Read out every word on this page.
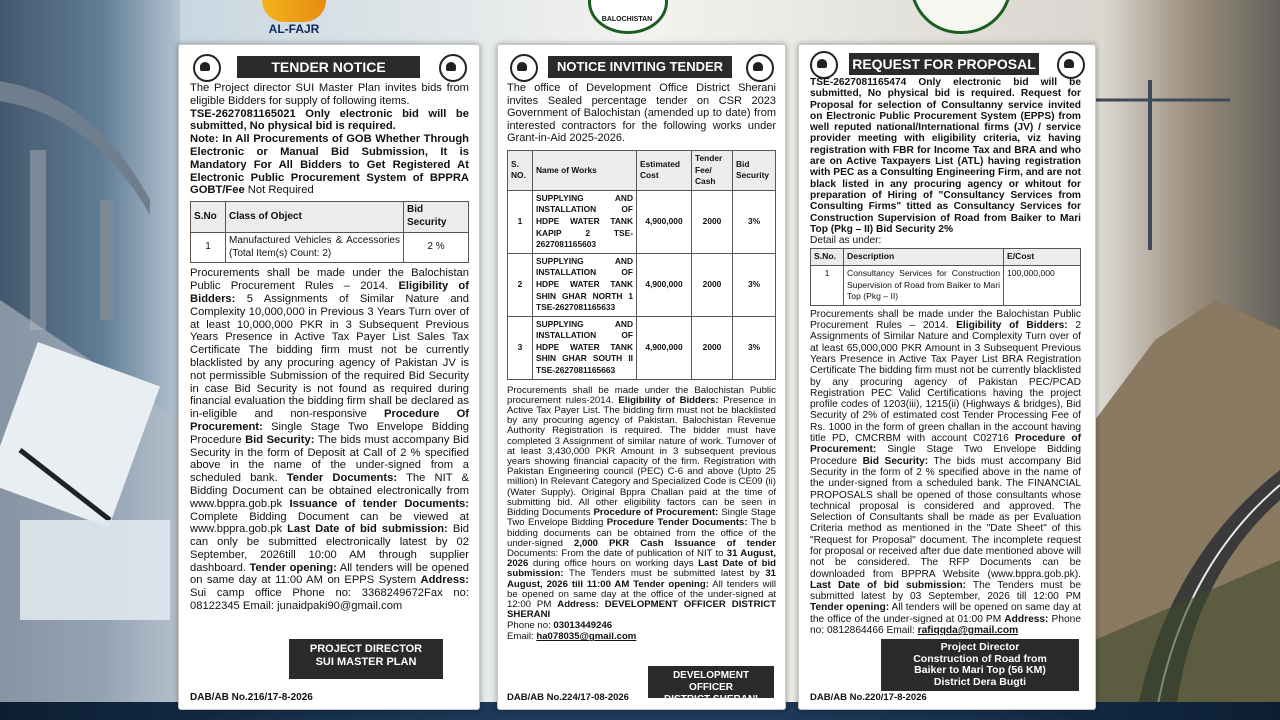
AL-FAJR
BALOCHISTAN
TENDER NOTICE

The Project director SUI Master Plan invites bids from eligible Bidders for supply of following items.

TSE-2627081165021 Only electronic bid will be submitted, No physical bid is required.

Note: In All Procurements of GOB Whether Through Electronic or Manual Bid Submission, It is Mandatory For All Bidders to Get Registered At Electronic Public Procurement System of BPPRA GOBT/Fee Not Required

S.No	Class of Object	Bid Security
1	Manufactured Vehicles & Accessories (Total Item(s) Count: 2)	2 %

Procurements shall be made under the Balochistan Public Procurement Rules – 2014. Eligibility of Bidders: 5 Assignments of Similar Nature and Complexity 10,000,000 in Previous 3 Years Turn over of at least 10,000,000 PKR in 3 Subsequent Previous Years Presence in Active Tax Payer List Sales Tax Certificate The bidding firm must not be currently blacklisted by any procuring agency of Pakistan JV is not permissible Submission of the required Bid Security in case Bid Security is not found as required during financial evaluation the bidding firm shall be declared as in-eligible and non-responsive Procedure Of Procurement: Single Stage Two Envelope Bidding Procedure Bid Security: The bids must accompany Bid Security in the form of Deposit at Call of 2 % specified above in the name of the under-signed from a scheduled bank. Tender Documents: The NIT & Bidding Document can be obtained electronically from www.bppra.gob.pk Issuance of tender Documents: Complete Bidding Document can be viewed at www.bppra.gob.pk Last Date of bid submission: Bid can only be submitted electronically latest by 02 September, 2026till 10:00 AM through supplier dashboard. Tender opening: All tenders will be opened on same day at 11:00 AM on EPPS System Address: Sui camp office Phone no: 3368249672Fax no: 08122345 Email: junaidpaki90@gmail.com

PROJECT DIRECTOR
SUI MASTER PLAN
DAB/AB No.216/17-8-2026
NOTICE INVITING TENDER

The office of Development Office District Sherani invites Sealed percentage tender on CSR 2023 Government of Balochistan (amended up to date) from interested contractors for the following works under Grant-in-Aid 2025-2026.

S. NO.	Name of Works	Estimated Cost	Tender Fee/ Cash	Bid Security
1	SUPPLYING AND INSTALLATION OF HDPE WATER TANK KAPIP 2 TSE-2627081165603	4,900,000	2000	3%
2	SUPPLYING AND INSTALLATION OF HDPE WATER TANK SHIN GHAR NORTH 1 TSE-2627081165633	4,900,000	2000	3%
3	SUPPLYING AND INSTALLATION OF HDPE WATER TANK SHIN GHAR SOUTH II TSE-2627081165663	4,900,000	2000	3%

Procurements shall be made under the Balochistan Public procurement rules-2014. Eligibility of Bidders: Presence in Active Tax Payer List. The bidding firm must not be blacklisted by any procuring agency of Pakistan. Balochistan Revenue Authority Registration is required. The bidder must have completed 3 Assignment of similar nature of work. Turnover of at least 3,430,000 PKR Amount in 3 subsequent previous years showing financial capacity of the firm. Registration with Pakistan Engineering council (PEC) C-6 and above (Upto 25 million) In Relevant Category and Specialized Code is CE09 (ii) (Water Supply). Original Bppra Challan paid at the time of submitting bid. All other eligibility factors can be seen in Bidding Documents Procedure of Procurement: Single Stage Two Envelope Bidding Procedure Tender Documents: The b bidding documents can be obtained from the office of the under-signed 2,000 PKR Cash Issuance of tender Documents: From the date of publication of NIT to 31 August, 2026 during office hours on working days Last Date of bid submission: The Tenders must be submitted latest by 31 August, 2026 till 11:00 AM Tender opening: All tenders will be opened on same day at the office of the under-signed at 12:00 PM Address: DEVELOPMENT OFFICER DISTRICT SHERANI

Phone no: 03013449246

Email: ha078035@gmail.com

DEVELOPMENT OFFICER
DISTRICT SHERANI
DAB/AB No.224/17-08-2026
REQUEST FOR PROPOSAL

TSE-2627081165474 Only electronic bid will be submitted, No physical bid is required. Request for Proposal for selection of Consultanny service invited on Electronic Public Procurement System (EPPS) from well reputed national/International firms (JV) / service provider meeting with eligibility criteria, viz having registration with FBR for Income Tax and BRA and who are on Active Taxpayers List (ATL) having registration with PEC as a Consulting Engineering Firm, and are not black listed in any procuring agency or whitout for preparation of Hiring of "Consultancy Services from Consulting Firms" titted as Consultancy Services for Construction Supervision of Road from Baiker to Mari Top (Pkg – II) Bid Security 2%

Detail as under:

S.No.	Description	E/Cost
1	Consultancy Services for Construction Supervision of Road from Baiker to Mari Top (Pkg – II)	100,000,000

Procurements shall be made under the Balochistan Public Procurement Rules – 2014. Eligibility of Bidders: 2 Assignments of Similar Nature and Complexity Turn over of at least 65,000,000 PKR Amount in 3 Subsequent Previous Years Presence in Active Tax Payer List BRA Registration Certificate The bidding firm must not be currently blacklisted by any procuring agency of Pakistan PEC/PCAD Registration PEC Valid Certifications having the project profile codes of 1203(iii), 1215(ii) (Highways & bridges), Bid Security of 2% of estimated cost Tender Processing Fee of Rs. 1000 in the form of green challan in the account having title PD, CMCRBM with account C02716 Procedure of Procurement: Single Stage Two Envelope Bidding Procedure Bid Security: The bids must accompany Bid Security in the form of 2 % specified above in the name of the under-signed from a scheduled bank. The FINANCIAL PROPOSALS shall be opened of those consultants whose technical proposal is considered and approved. The Selection of Consultants shall be made as per Evaluation Criteria method as mentioned in the "Date Sheet" of this "Request for Proposal" document. The incomplete request for proposal or received after due date mentioned above will not be considered. The RFP Documents can be downloaded from BPPRA Website (www.bppra.gob.pk). Last Date of bid submission: The Tenders must be submitted latest by 03 September, 2026 till 12:00 PM Tender opening: All tenders will be opened on same day at the office of the under-signed at 01:00 PM Address: Phone no: 0812864466 Email: rafiqqda@gmail.com

Project Director
Construction of Road from
Baiker to Mari Top (56 KM)
District Dera Bugti
DAB/AB No.220/17-8-2026
